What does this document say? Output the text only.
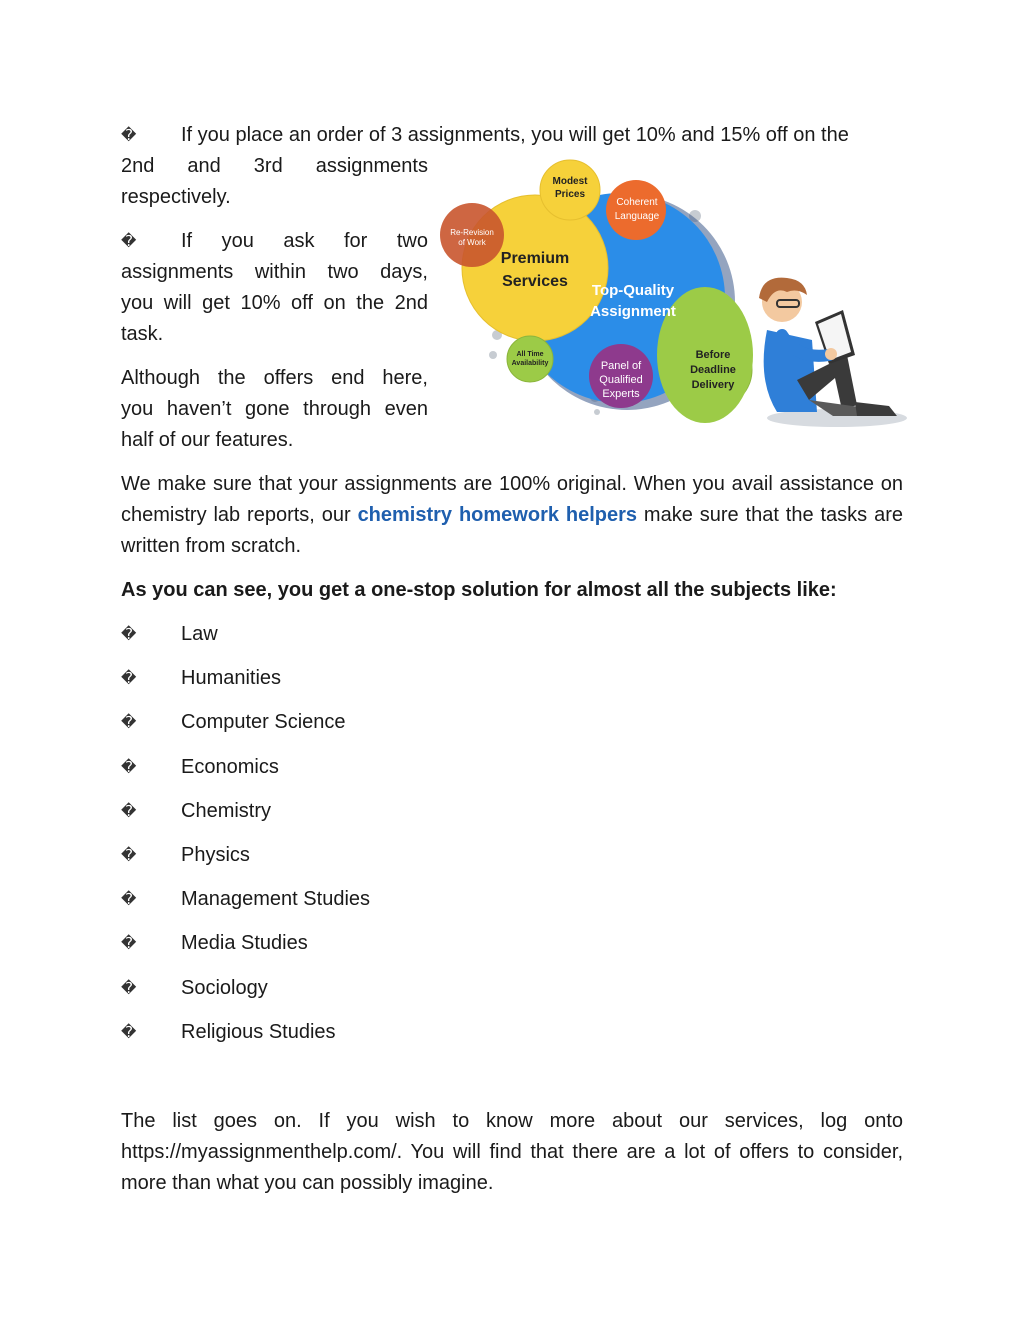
� If you place an order of 3 assignments, you will get 10% and 15% off on the
2nd and 3rd assignments
respectively.
� If you ask for two
assignments within two days,
you will get 10% off on the 2nd
task.
Although the offers end here,
you haven’t gone through even
half of our features.
Modest
Prices
Coherent
Language
Re-Revision
of Work
Top-Quality
Assignment
Panel of
Qualified
Experts
Premium
Services
All Time
Availability
Before
Deadline
Delivery

We make sure that your assignments are 100% original. When you avail assistance on chemistry lab reports, our chemistry homework helpers make sure that the tasks are written from scratch.

As you can see, you get a one-stop solution for almost all the subjects like:
� Law
� Humanities
� Computer Science
� Economics
� Chemistry
� Physics
� Management Studies
� Media Studies
� Sociology
� Religious Studies

The list goes on. If you wish to know more about our services, log onto https://myassignmenthelp.com/. You will find that there are a lot of offers to consider, more than what you can possibly imagine.
